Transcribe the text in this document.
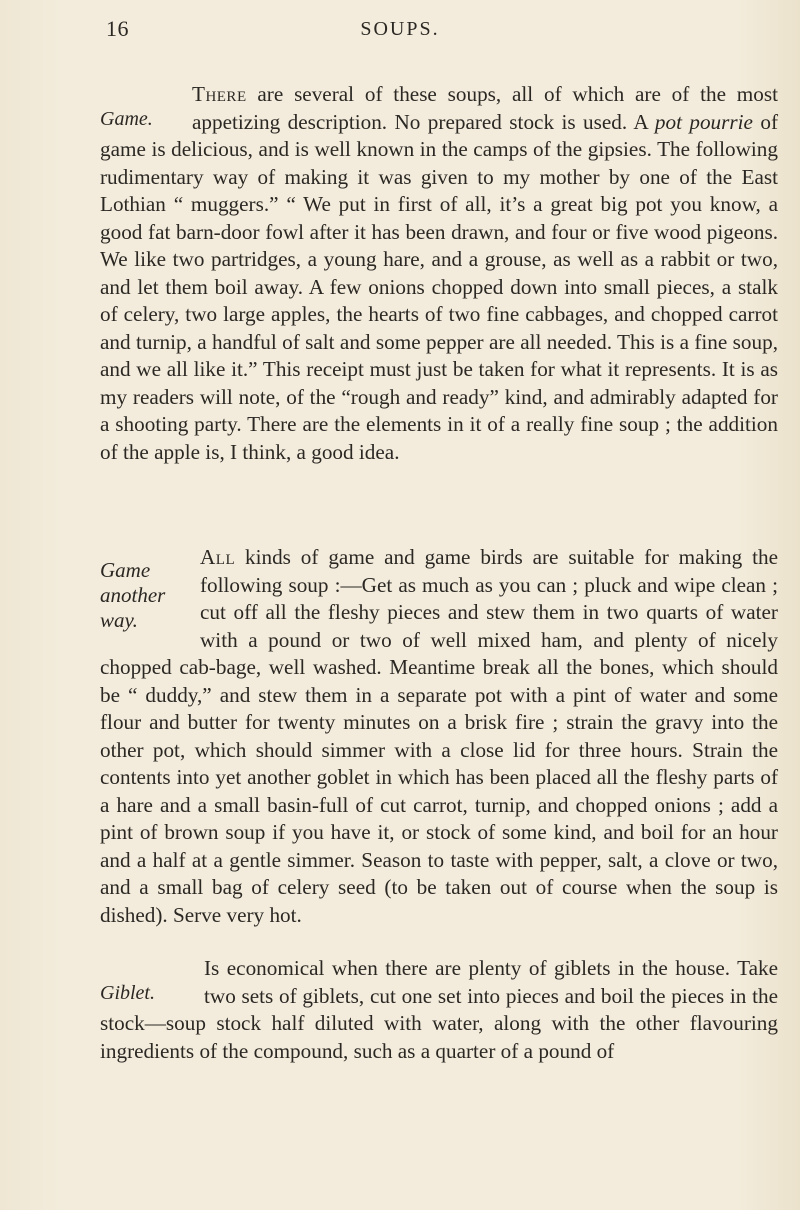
16	SOUPS.

Game.
There are several of these soups, all of which are of the most appetizing description. No prepared stock is used. A pot pourrie of game is delicious, and is well known in the camps of the gipsies. The following rudimentary way of making it was given to my mother by one of the East Lothian “ muggers.” “ We put in first of all, it’s a great big pot you know, a good fat barn-door fowl after it has been drawn, and four or five wood pigeons. We like two partridges, a young hare, and a grouse, as well as a rabbit or two, and let them boil away. A few onions chopped down into small pieces, a stalk of celery, two large apples, the hearts of two fine cabbages, and chopped carrot and turnip, a handful of salt and some pepper are all needed. This is a fine soup, and we all like it.” This receipt must just be taken for what it represents. It is as my readers will note, of the “rough and ready” kind, and admirably adapted for a shooting party. There are the elements in it of a really fine soup ; the addition of the apple is, I think, a good idea.

Game another way.
All kinds of game and game birds are suitable for making the following soup :—Get as much as you can ; pluck and wipe clean ; cut off all the fleshy pieces and stew them in two quarts of water with a pound or two of well mixed ham, and plenty of nicely chopped cab-bage, well washed. Meantime break all the bones, which should be “ duddy,” and stew them in a separate pot with a pint of water and some flour and butter for twenty minutes on a brisk fire ; strain the gravy into the other pot, which should simmer with a close lid for three hours. Strain the contents into yet another goblet in which has been placed all the fleshy parts of a hare and a small basin-full of cut carrot, turnip, and chopped onions ; add a pint of brown soup if you have it, or stock of some kind, and boil for an hour and a half at a gentle simmer. Season to taste with pepper, salt, a clove or two, and a small bag of celery seed (to be taken out of course when the soup is dished). Serve very hot.

Giblet.
Is economical when there are plenty of giblets in the house. Take two sets of giblets, cut one set into pieces and boil the pieces in the stock—soup stock half diluted with water, along with the other flavouring ingredients of the compound, such as a quarter of a pound of
